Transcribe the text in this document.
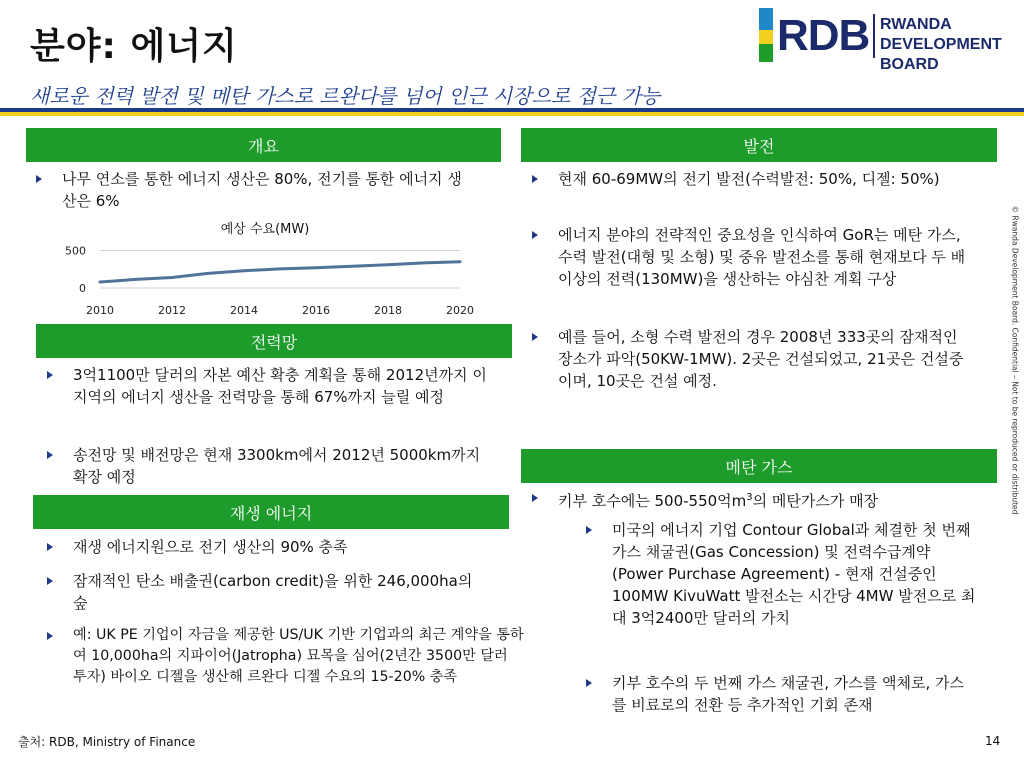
분야: 에너지
새로운 전력 발전 및 메탄 가스로 르완다를 넘어 인근 시장으로 접근 가능
RDB RWANDA
DEVELOPMENT BOARD
개요
나무 연소를 통한 에너지 생산은 80%, 전기를 통한 에너지 생산은 6%
예상 수요(MW)
0
500
2010	2012	2014	2016	2018	2020
전력망
3억1100만 달러의 자본 예산 확충 계획을 통해 2012년까지 이 지역의 에너지 생산을 전력망을 통해 67%까지 늘릴 예정
송전망 및 배전망은 현재 3300km에서 2012년 5000km까지 확장 예정
재생 에너지
재생 에너지원으로 전기 생산의 90% 충족
잠재적인 탄소 배출권(carbon credit)을 위한 246,000ha의 숲
예: UK PE 기업이 자금을 제공한 US/UK 기반 기업과의 최근 계약을 통하여 10,000ha의 지파이어(Jatropha) 묘목을 심어(2년간 3500만 달러 투자) 바이오 디젤을 생산해 르완다 디젤 수요의 15-20% 충족
발전
현재 60-69MW의 전기 발전(수력발전: 50%, 디젤: 50%)
에너지 분야의 전략적인 중요성을 인식하여 GoR는 메탄 가스, 수력 발전(대형 및 소형) 및 중유 발전소를 통해 현재보다 두 배 이상의 전력(130MW)을 생산하는 야심찬 계획 구상
예를 들어, 소형 수력 발전의 경우 2008년 333곳의 잠재적인 장소가 파악(50KW-1MW). 2곳은 건설되었고, 21곳은 건설중이며, 10곳은 건설 예정.
메탄 가스
키부 호수에는 500-550억$m^3$의 메탄가스가 매장
미국의 에너지 기업 Contour Global과 체결한 첫 번째 가스 채굴권(Gas Concession) 및 전력수급계약(Power Purchase Agreement) - 현재 건설중인 100MW KivuWatt 발전소는 시간당 4MW 발전으로 최대 3억2400만 달러의 가치
키부 호수의 두 번째 가스 채굴권, 가스를 액체로, 가스를 비료로의 전환 등 추가적인 기회 존재
© Rwanda Development Board. Confidential – Not to be reproduced or distributed
출처: RDB, Ministry of Finance	14
